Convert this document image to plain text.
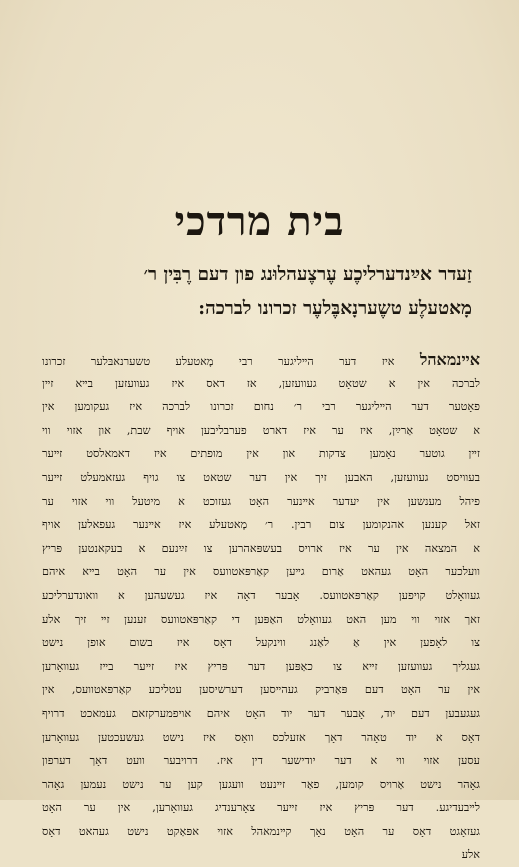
בית מרדכי
זַעדר אײַנדערליכֶע עֶרצֶעהלוּנג פון דעם רֶבִּין ר׳
מָאטעלֶע טשֶערנָאבֶּלעֶר זכרונו לברכה:
אײנמאהל איז דער הײליגער רבי מָאטעלע טשערנאבּלער זכרונו
לברכה אין א שטאָט געוועזען, אז דאס איז געוועזען בײא זײן
פאָטער דער הײליגער רבי ר׳ נחום זכרונו לברכה איז געקומען אין
א שטאָט אַרײַן, איז ער איז דארט פערבליבען אויף שבת, און אזוי ווי
זײן גוטער נאָמען צדקות און אין מופתים איז דאמאלסט זײער
בעוויסט געוועזען, האבען זיך אין דער שטאט צו גויף געזאמעלט זײער
פיהל מענשען אין יעדער אײנער האָט געזוכט א מיטעל ווי אזוי ער
זאל קענען אהנקומען צום רבין. ר׳ מָאטעלע איז אײנער געפאלען אויף
א המצאה אין ער איז ארויס בעשפּאהרען צו זײַנעם א בעקאנטען פּריץ
וועלכער האָט געהאט אַרום גײען קאַרפּאטוועס אין ער האָט בײא איהם
געוואָלט קויפען קאַרפּאטוועס. אָבער דאָה איז געשעהען א וואונדערליכע
זאך אזוי ווי מען האט געוואָלט האַפּען די קאַרפּאטוועס זענען זײ זיך אלע
צו לאָפען אין אַ לאַנג ווינקעל דאָס איז בשום אופן נישט
געגליך געוועזען זײא צו כאַפּען דער פּריץ איז זײער בײז געוואָרען
אין ער האָט דעם פּאַרביק געהײסען דערשיסען עטליכע קאַרפּאטוועס, אין
געגעבען דעם יוד, אָבער דער יוד האָט איהם אויפמערקזאם געמאכט דרויף
דאָס א יוד טאָהר דאָך אזעלכס וואָס איז נישט געשעכטען געוואָרען
עסען אזוי ווי א דער יודישער דין איז. דרויבער וועט דאָך דערפון
גאָהר נישט אַרויס קומען, פאַר זײנעט וועגען קען ער נישט נעמען גאָהר
לײבעדיגע. דער פּריץ איז זײער צאָרענדיג געוואָרען, אין ער האָט
געזאָגט דאָס ער האָט נאָך קײנמאהל אזוי אפּאַקט נישט געהאט דאָס
אלע
